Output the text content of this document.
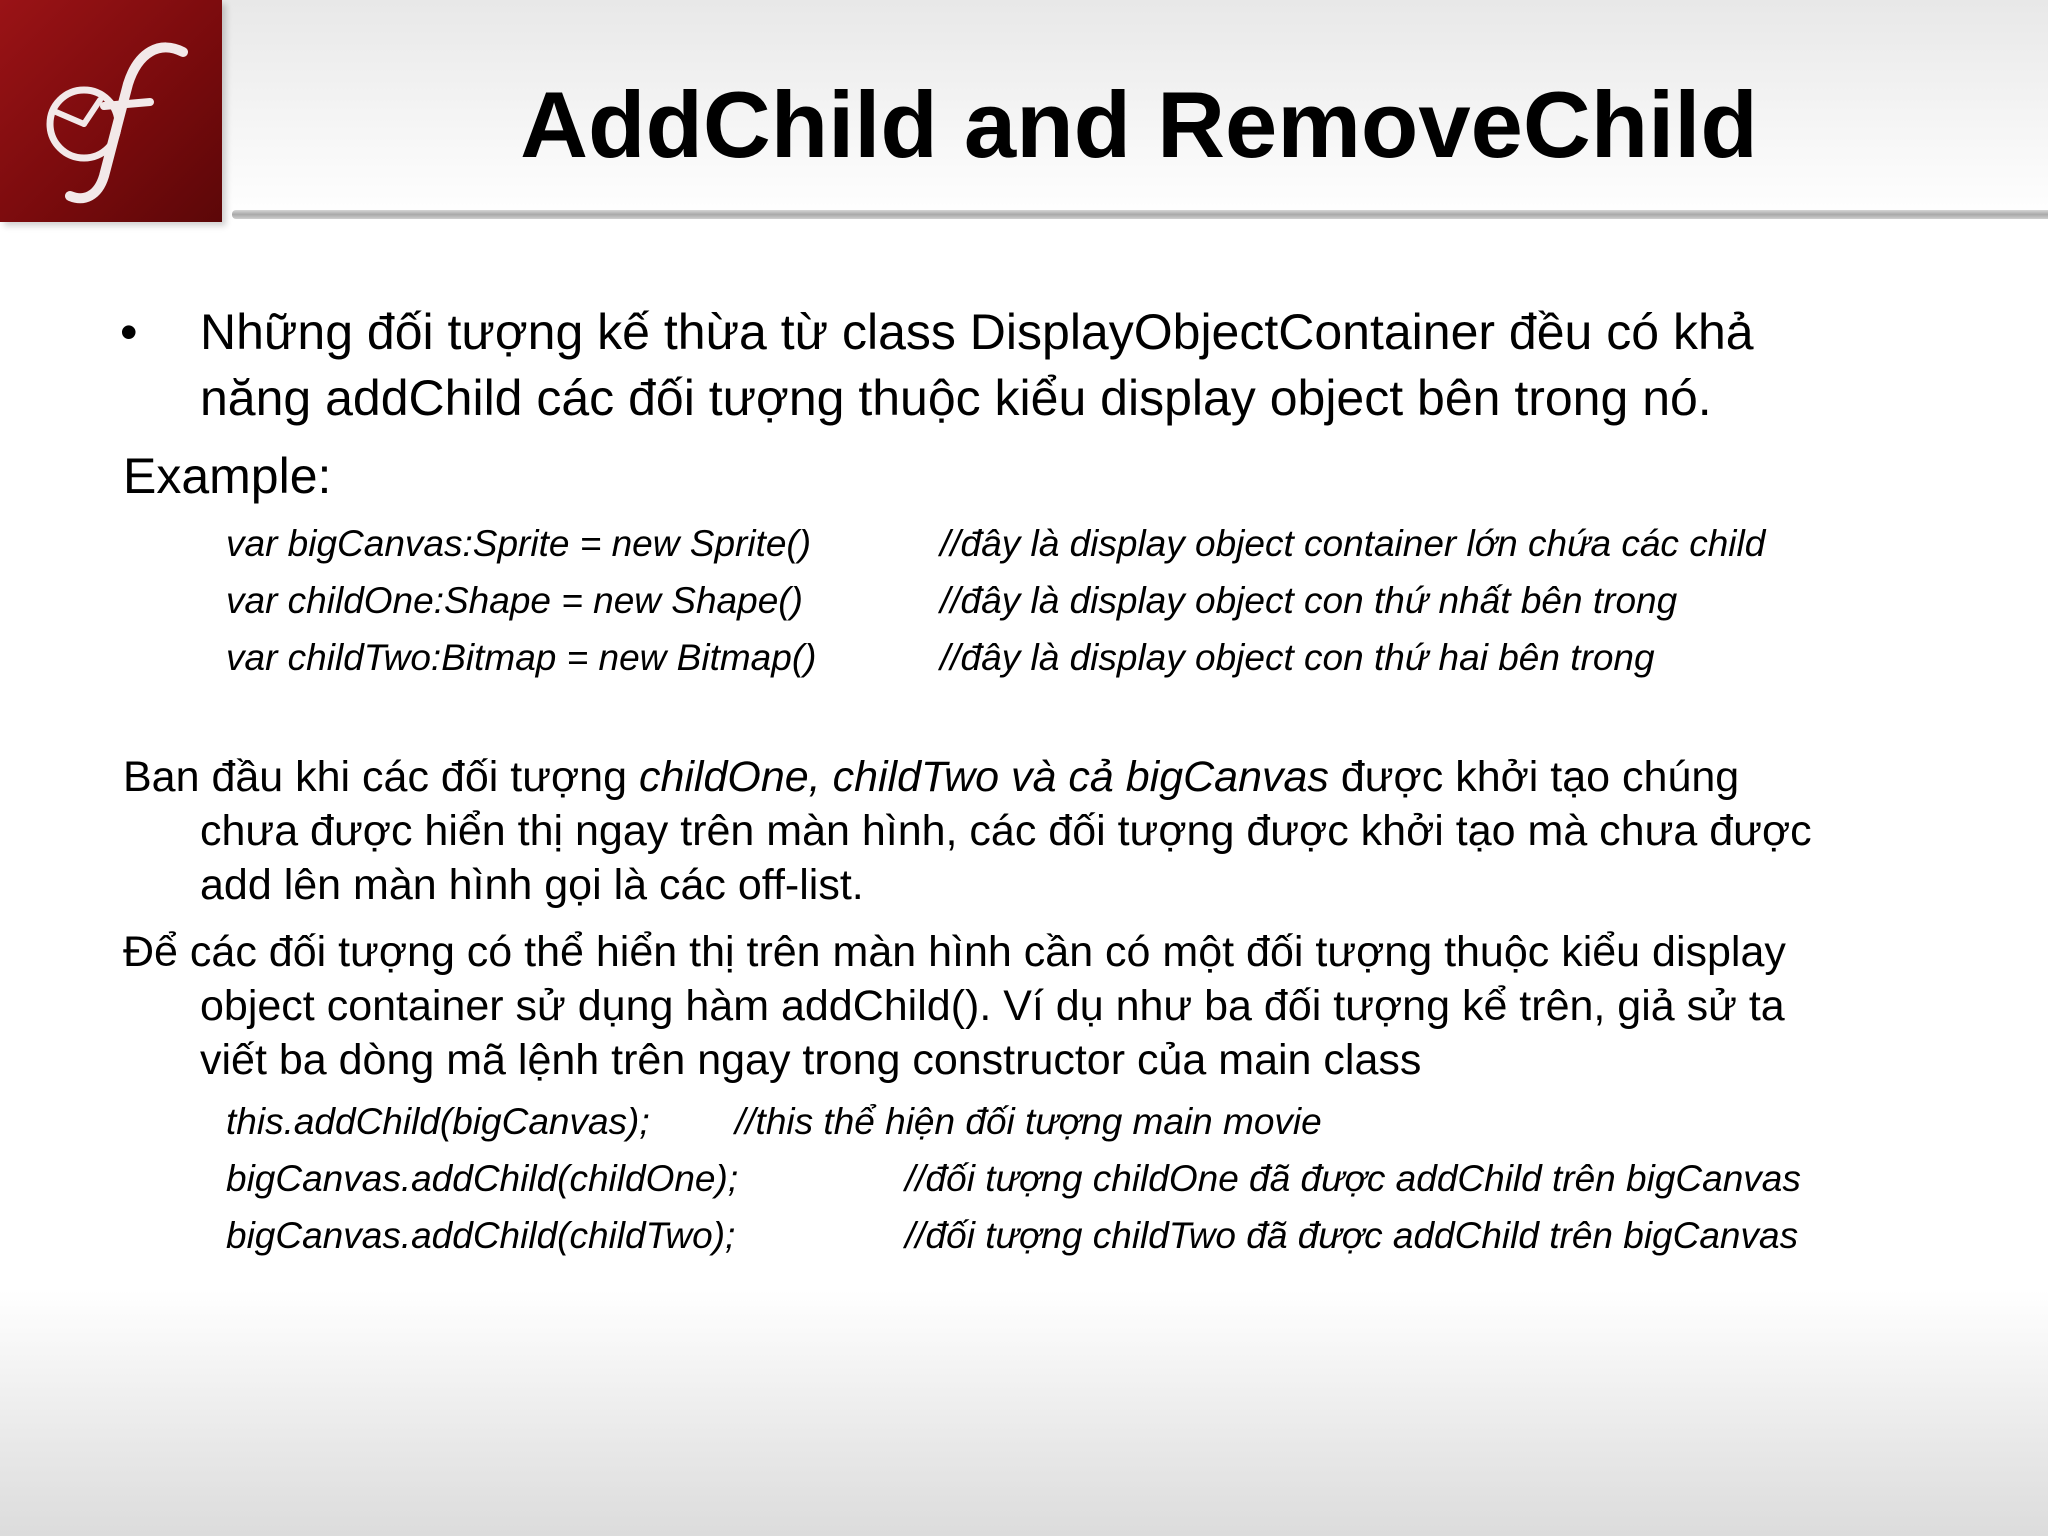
AddChild and RemoveChild
• Những đối tượng kế thừa từ class DisplayObjectContainer đều có khả

năng addChild các đối tượng thuộc kiểu display object bên trong nó.

Example:

var bigCanvas:Sprite = new Sprite()	//đây là display object container lớn chứa các child

var childOne:Shape = new Shape()	//đây là display object con thứ nhất bên trong

var childTwo:Bitmap = new Bitmap()	//đây là display object con thứ hai bên trong

Ban đầu khi các đối tượng childOne, childTwo và cả bigCanvas được khởi tạo chúng

chưa được hiển thị ngay trên màn hình, các đối tượng được khởi tạo mà chưa được

add lên màn hình gọi là các off-list.

Để các đối tượng có thể hiển thị trên màn hình cần có một đối tượng thuộc kiểu display

object container sử dụng hàm addChild(). Ví dụ như ba đối tượng kể trên, giả sử ta

viết ba dòng mã lệnh trên ngay trong constructor của main class

this.addChild(bigCanvas); //this thể hiện đối tượng main movie

bigCanvas.addChild(childOne);	//đối tượng childOne đã được addChild trên bigCanvas

bigCanvas.addChild(childTwo);	//đối tượng childTwo đã được addChild trên bigCanvas
